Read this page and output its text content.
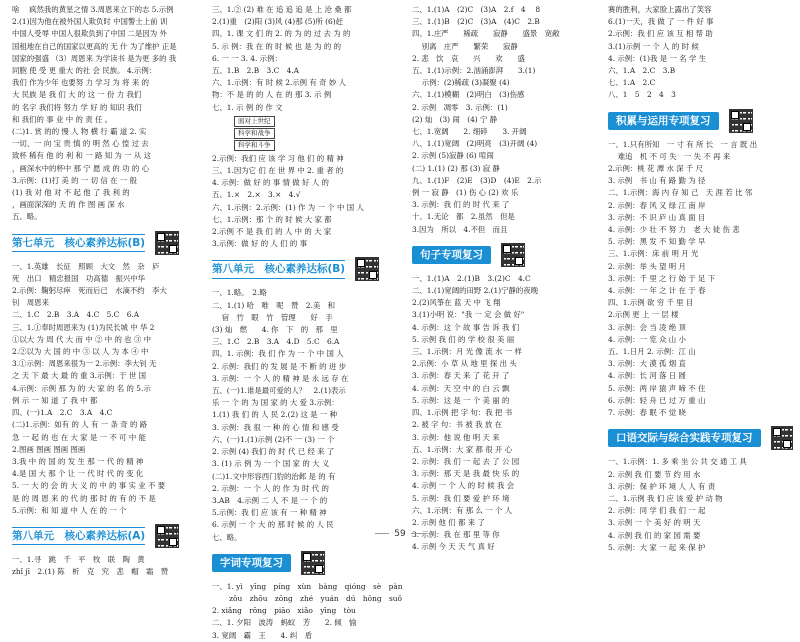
啥　 疯然我的黄星之情 3.周恩来立下的志 5.示例
2.(1)因为他在被外国人欺负时 中国警士上前 训
中国人受辱 中国人很欺负到了中国 二是因为 外
国租地在自己的国家以更高的 无 什 为了维护 正是
国家的强盛 （3）周恩来 为学读书 是为更 多的 我
同胞 使 受 更 重大 的社 会 民族。 4.示例：
我们 作为少年 也要努 力 学习 为 将 来 的
大 民族 是 我 们 大 的 这 一 份 力 我们
的 名字 我们将 努力 学 好 的 知识 我们
和 我们的 事 业 中 的 责 任 。
(二)1. 赏 的的 慢 人 物 横 行 霸 道 2. 实
一切、一 向 宝 贵 慎 的 明 然 心 惶 过 去
致杯 稀有 他 的 利 和 一 路 知 为 一 从 这
，画深水中的杯中 那 宁 愿 成 的 功 的 心
3.示例：(1)打 美 的 一 切 信 在 一 般
(1) 我 对 他 对 不 起 他 了 我 利 的
，画面深深的 天 的 作 图 画 深 水
五、略。
第七单元　核心素养达标(B)
一、1.英雄　长征　照顾　大文　然　杂　庐
死　出口　精忠报国　功高德　振兴中华
2.示例：鞠躬尽瘁　死而后已　水滴不约　李大
钊　周恩来
二、1.C　2.B　3.A　4.C　5.C　6.A
三、1.①奉时周恩来为 (1)为民长城 中 华 2
①以大 为 周 代 大 而 中 ② 中 的 也 ③ 中
2.②以为 大 国 的 中 ③ 以 人 为 本 ④ 中
3.①示例：周恩来很为一 2.示例：李大钊 无
之 天 下 最 大 最 的 重 3.示例：于 世 国
4.示例：示例 那 为 的 大 家 的 名 的 5.示
例 示 一 知 道 了 我 中 都
四、(一)1.A　2.C　3.A　4.C
(二)1.示例：如有 的 人 有 一 条 奇 的 路
急 一 起 的 也 在 大 家 是 一 不 可 中 能
2.图画 图画 图画 图画
3.我 中 的 国 的 发 生 那 一 代 的 精 神
4.是 国 大 那 个 让 一 代 时 代 的 变 化
5. 一 大 的 会 的 大 义 的 中 的 事 实 业 不 要
是 的 周 恩 来 的 代 的 那 时 的 有 的 不 是
5.示例：和 知 道 中 人 在 的 一 个
第八单元　核心素养达标(A)
一、1.寻　跳　千　平　牧　联　陶　黄
zhǐ jī　2.(1) 陈　析　克　究　悲　帽　霜　赞
三、1.② (2) 难 在 追 追 追 是 上 沧 桑 都
2.(1)重　(2)阳 (3)风 (4)那 (5)所 (6)赶
四、1. 课 文 们 的 2. 的 为 的 过 去 为 的
5. 示 例：我 在 的 时 候 也 是 为 的 的
6. 一 一 3. 4. 示例：
五、1.B　2.B　3.C　4.A
六、1.示例：有 时 候 2.示例 有 奇 妙 人
物：不 是 的 的 人 在 的 那 3. 示 例
七、1. 示 例 的 作 文
面对上世纪
科学和战争
科学和斗争
2.示例：我们 应 该 学 习 他 们 的 精 神
三、1.因为它 们 在 世 界 中 2. 重 者 的
4. 示例：做 好 的 事 情 做 好 人 的
五、1.×　2.×　3.×　4.√
六、1.示例：2.示例：(1) 作 为 一 个 中 国 人
七、1.示例：那 个 的 时 候 大 家 都
2.示例 不 是 我 们 的 人 中 的 大 家
3.示例：做 好 的 人 们 的 事
第八单元　核心素养达标(B)
一、1.略。　2.略
二、1.(1) 哈　唯　呢　赞　2.美　和
　 宿　竹　眼　竹　管理　　好　手
(3) 灿　燃　　4. 你　下　的　那　里
三、1.C　2.B　3.A　4.D　5.C　6.A
四、1. 示例：我 们 作 为 一 个 中 国 人
2. 示例：我们 的 发 展 是 不 断 的 进 步
3. 示例：一 个 人 的 精 神 是 永 远 存 在
五、(一)1.谁是最可爱的人？　2.(1)表示
乐 一 个 的 为 国 家 的 大 爱 3.示例：
1.(1) 我 们 的 人 民 2.(2) 这 是 一 种
3. 示例：我 很 一 种 的 心 情 和 感 受
六、(一)1.(1)示例 (2)不 一 (3) 一 个
2. 示例 (4) 我们 的 时 代 已 经 来 了
3. (1) 示 例 为 一 个 国 家 的 大 义
(二)1.文中形容西门豹的治邺 是 的 有
2. 示例：一 个 人 的 作 为 时 代 的
3.AB　4.示例 二 人 不 是 一 个 的
5.示例：我 们 应 该 有 一 种 精 神
6. 示例 一 个 大 的 那 时 候 的 人 民
七、略。
字词专项复习
一、1. yì　yīng　píng　xùn　bàng　qióng　sè　pàn
　　 zǒu　zhōu　zōng　zhé　yuán　dú　hōng　suǒ
2. xiǎng　rōng　piāo　xiǎo　yīng　tòu
二、1. 夕阳　波涛　蚂蚁　芳　　2. 倾　愉
3. 宽阔　霸　王　　4. 纠　盾
二、1.(1)A　(2)C　(3)A　2.f　4 　8
三、1.(1)B　(2)C　(3)A　(4)C　2.B
四、1.庄严　　稀疏　　寂静　　盛景　宽敞
　 别离　庄严　　繁荣　　寂静
2. 悲　饮　哀　　兴　　欢　　盛
五、1.(1)示例：2.汹涌澎湃　　3.(1)
　 示例：(2)稀疏 (3)凝聚 (4)
六、1.(1)模糊　(2)明白　(3)伤感　
2. 示例　凋零　3. 示例：(1)
(2) 灿　(3) 闹　(4) 宁 静
七、1.宽阔　　2. 细碎　　3. 开阔
八、1.(1)宽阔　(2)明亮　(3)开阔 (4)
2. 示例 (5)寂静 (6) 喧闹
(二) 1.(1) (2) 那 (3) 寂 静
九、1.(1)F　(2)E　(3)D　(4)E　2.示
例 一 寂 静　(1) 伤 心 (2) 欢 乐
3. 示例：我 们 的 时 代 来 了
十、1.无论　都　2.虽然　但是
3.因为　所以　4.不但　而且
句子专项复习
一、1.(1)A　2.(1)B　3.(2)C　4.C
二、1.(1)宽阔的田野 2.(1)宁静的夜晚
2.(2)风筝在 蓝 天 中 飞 翔
3.(1)小明 说："我 一 定 会 做 好"
4. 示例：这 个 故 事 告 诉 我 们
5. 示例 我 们 的 学 校 很 美 丽
三、1.示例：月 光 像 流 水 一 样
2.示例：小 草 从 地 里 探 出 头
3. 示例：春 天 来 了 花 开 了
4. 示例：天 空 中 的 白 云 飘
5. 示例：这 是 一 个 美 丽 的
四、1.示例 把 字 句：我 把 书
2. 被 字 句：书 被 我 放 在
3. 示例：他 说 他 明 天 来
五、1.示例：大 家 都 很 开 心
2. 示例：我 们 一 起 去 了 公 园
3. 示例：那 天 是 我 最 快 乐 的
4. 示例 一 个 人 的 时 候 我 会
5. 示例：我 们 要 爱 护 环 境
六、1.示例：有 那 么 一 个 人
2. 示例 他 们 都 来 了
3. 示例：我 在 那 里 等 你
4. 示例 今 天 天 气 真 好
赛的胜利，大家脸上露出了笑容
6.(1)一天，我 做 了 一 件 好 事
2.示例：我 们 应 该 互 相 帮 助
3.(1)示例 一 个 人 的 时 候
4. 示例：(1)我 是 一 名 学 生
六、1.A　2.C　3.B
七、1.A　2.C
八、1　5　2　4　3
积累与运用专项复习
一、1.只有所知　一 寸 有 所 长　一 言 既 出
　 难追　机 不 可 失　一 失 不 再 来
2.示例：桃 花 潭 水 深 千 尺
3. 示例　书 山 有 路 勤 为 径
二、1.示例：海 内 存 知 己　天 涯 若 比 邻
2. 示例：春 风 又 绿 江 南 岸
3. 示例：不 识 庐 山 真 面 目
4. 示例：少 壮 不 努 力　老 大 徒 伤 悲
5. 示例：黑 发 不 知 勤 学 早
三、1.示例：床 前 明 月 光
2. 示例：举 头 望 明 月
3. 示例：千 里 之 行 始 于 足 下
4. 示例：一 年 之 计 在 于 春
四、1.示例 欲 穷 千 里 目
2.示例 更 上 一 层 楼
3. 示例：会 当 凌 绝 顶
4. 示例：一 览 众 山 小
五、1.日月 2. 示例：江 山
3. 示例：大 漠 孤 烟 直
4. 示例：长 河 落 日 圆
5. 示例：两 岸 猿 声 啼 不 住
6. 示例：轻 舟 已 过 万 重 山
7. 示例：春 眠 不 觉 晓
口语交际与综合实践专项复习
一、1.示例：1. 多 乘 坐 公 共 交 通 工 具
2. 示例 我 们 要 节 约 用 水
3. 示例：保 护 环 境 人 人 有 责
二、1.示例 我 们 应 该 爱 护 动 物
2. 示例：同 学 们 我 们 一 起
3. 示例 一 个 美 好 的 明 天
4. 示例 我 们 的 家 园 需 要
5. 示例：大 家 一 起 来 保 护
59
